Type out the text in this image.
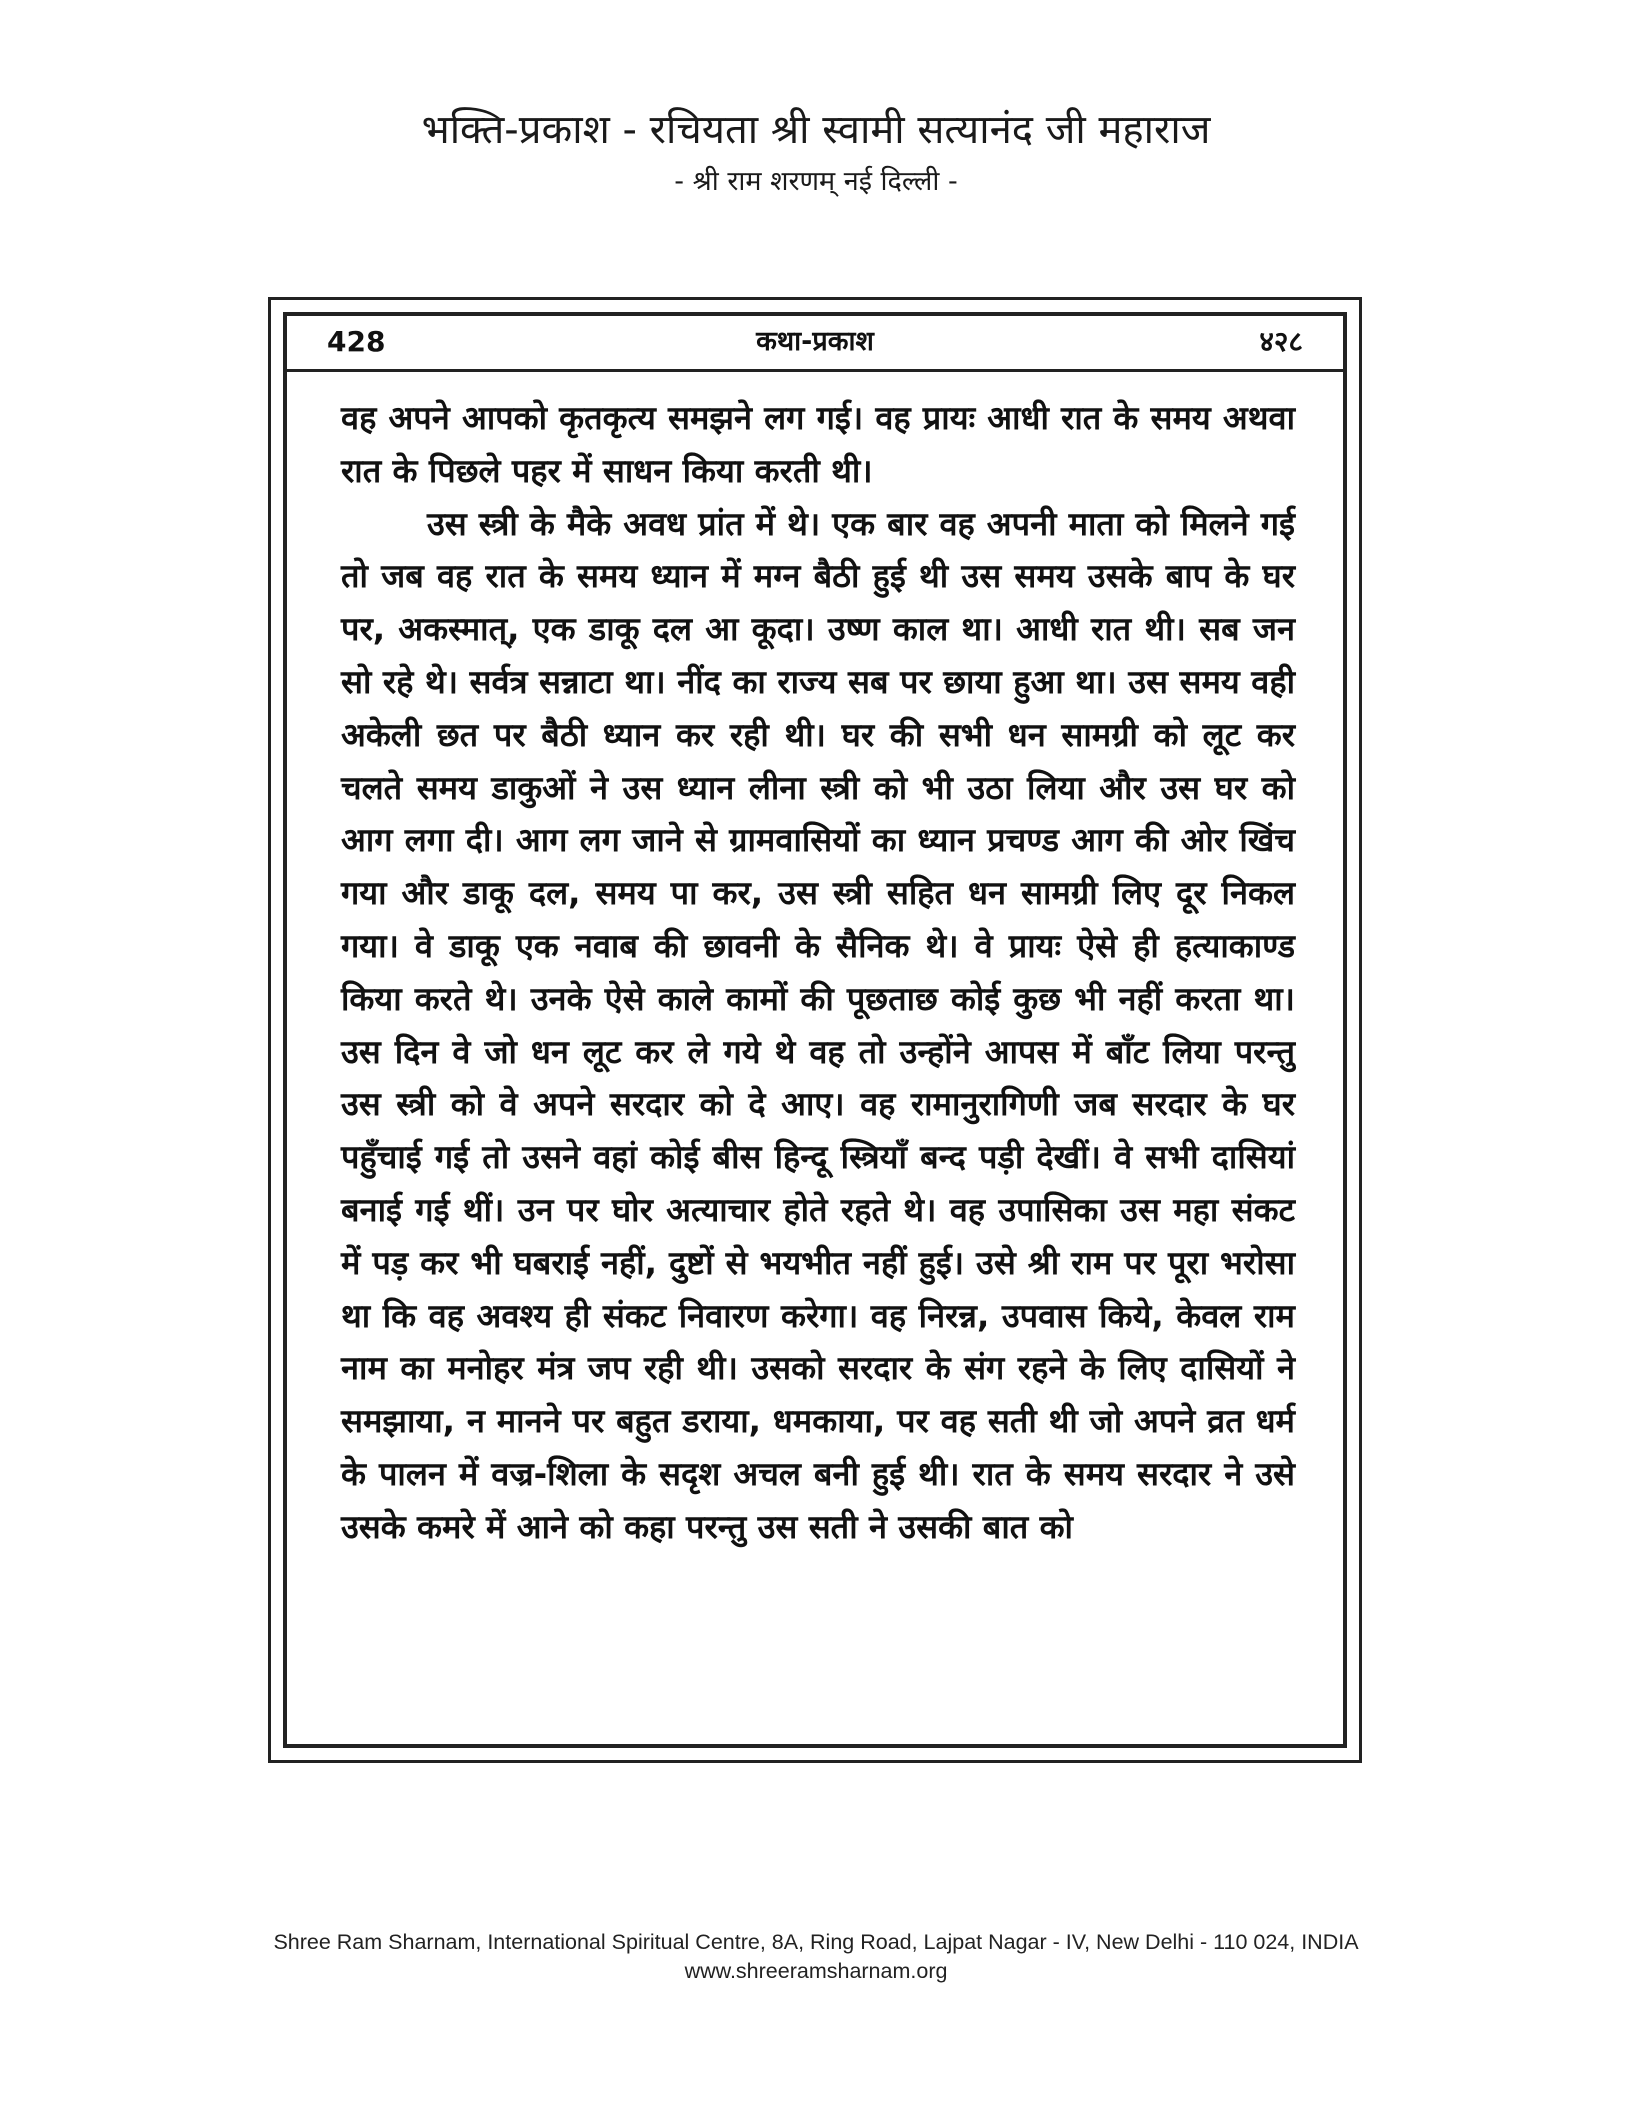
भक्ति-प्रकाश - रचियता श्री स्वामी सत्यानंद जी महाराज
- श्री राम शरणम् नई दिल्ली -
428	कथा-प्रकाश	४२८

वह अपने आपको कृतकृत्य समझने लग गई। वह प्रायः आधी रात के समय अथवा रात के पिछले पहर में साधन किया करती थी।

उस स्त्री के मैके अवध प्रांत में थे। एक बार वह अपनी माता को मिलने गई तो जब वह रात के समय ध्यान में मग्न बैठी हुई थी उस समय उसके बाप के घर पर, अकस्मात्, एक डाकू दल आ कूदा। उष्ण काल था। आधी रात थी। सब जन सो रहे थे। सर्वत्र सन्नाटा था। नींद का राज्य सब पर छाया हुआ था। उस समय वही अकेली छत पर बैठी ध्यान कर रही थी। घर की सभी धन सामग्री को लूट कर चलते समय डाकुओं ने उस ध्यान लीना स्त्री को भी उठा लिया और उस घर को आग लगा दी। आग लग जाने से ग्रामवासियों का ध्यान प्रचण्ड आग की ओर खिंच गया और डाकू दल, समय पा कर, उस स्त्री सहित धन सामग्री लिए दूर निकल गया। वे डाकू एक नवाब की छावनी के सैनिक थे। वे प्रायः ऐसे ही हत्याकाण्ड किया करते थे। उनके ऐसे काले कामों की पूछताछ कोई कुछ भी नहीं करता था। उस दिन वे जो धन लूट कर ले गये थे वह तो उन्होंने आपस में बाँट लिया परन्तु उस स्त्री को वे अपने सरदार को दे आए। वह रामानुरागिणी जब सरदार के घर पहुँचाई गई तो उसने वहां कोई बीस हिन्दू स्त्रियाँ बन्द पड़ी देखीं। वे सभी दासियां बनाई गई थीं। उन पर घोर अत्याचार होते रहते थे। वह उपासिका उस महा संकट में पड़ कर भी घबराई नहीं, दुष्टों से भयभीत नहीं हुई। उसे श्री राम पर पूरा भरोसा था कि वह अवश्य ही संकट निवारण करेगा। वह निरन्न, उपवास किये, केवल राम नाम का मनोहर मंत्र जप रही थी। उसको सरदार के संग रहने के लिए दासियों ने समझाया, न मानने पर बहुत डराया, धमकाया, पर वह सती थी जो अपने व्रत धर्म के पालन में वज्र-शिला के सदृश अचल बनी हुई थी। रात के समय सरदार ने उसे उसके कमरे में आने को कहा परन्तु उस सती ने उसकी बात को

Shree Ram Sharnam, International Spiritual Centre, 8A, Ring Road, Lajpat Nagar - IV, New Delhi - 110 024, INDIA
www.shreeramsharnam.org
